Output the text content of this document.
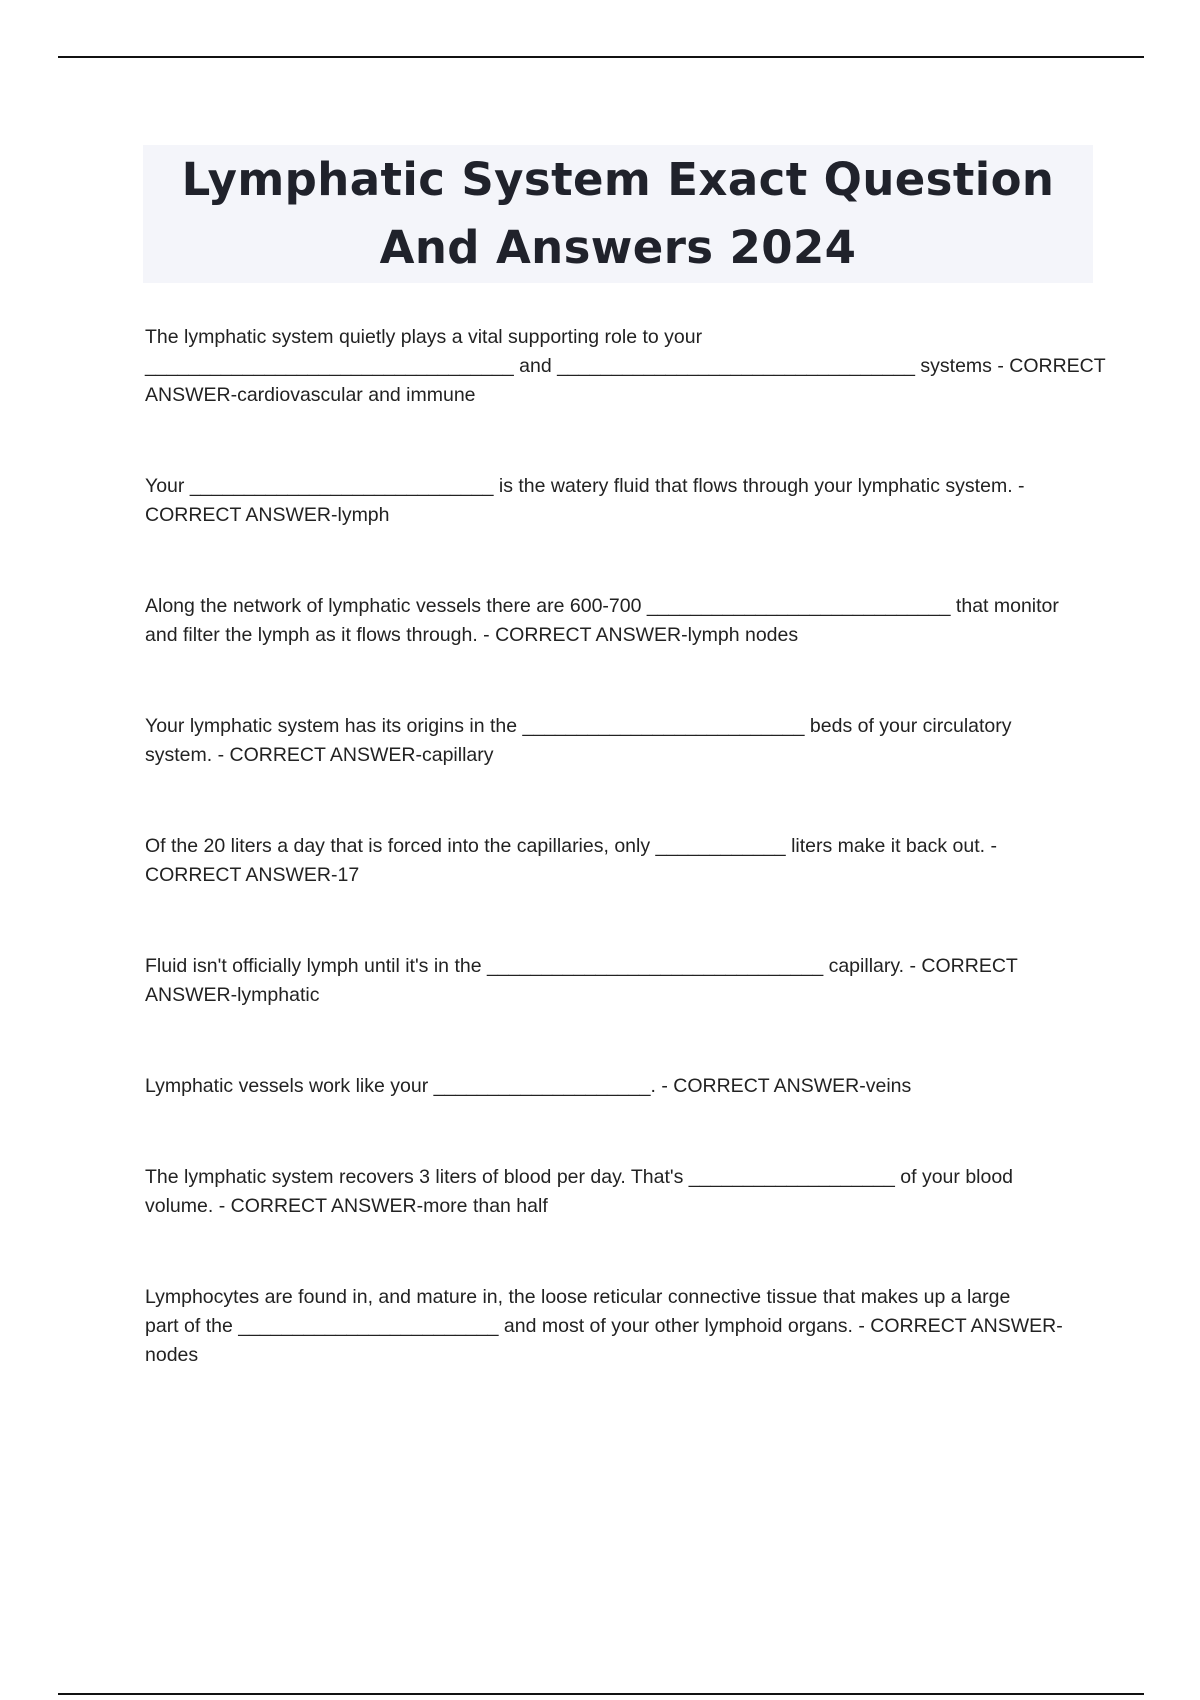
Lymphatic System Exact Question
And Answers 2024
The lymphatic system quietly plays a vital supporting role to your
__________________________________ and _________________________________ systems - CORRECT
ANSWER-cardiovascular and immune
Your ____________________________ is the watery fluid that flows through your lymphatic system. -
CORRECT ANSWER-lymph
Along the network of lymphatic vessels there are 600-700 ____________________________ that monitor
and filter the lymph as it flows through. - CORRECT ANSWER-lymph nodes
Your lymphatic system has its origins in the __________________________ beds of your circulatory
system. - CORRECT ANSWER-capillary
Of the 20 liters a day that is forced into the capillaries, only ____________ liters make it back out. -
CORRECT ANSWER-17
Fluid isn't officially lymph until it's in the _______________________________ capillary. - CORRECT
ANSWER-lymphatic
Lymphatic vessels work like your ____________________. - CORRECT ANSWER-veins
The lymphatic system recovers 3 liters of blood per day. That's ___________________ of your blood
volume. - CORRECT ANSWER-more than half
Lymphocytes are found in, and mature in, the loose reticular connective tissue that makes up a large
part of the ________________________ and most of your other lymphoid organs. - CORRECT ANSWER-
nodes
